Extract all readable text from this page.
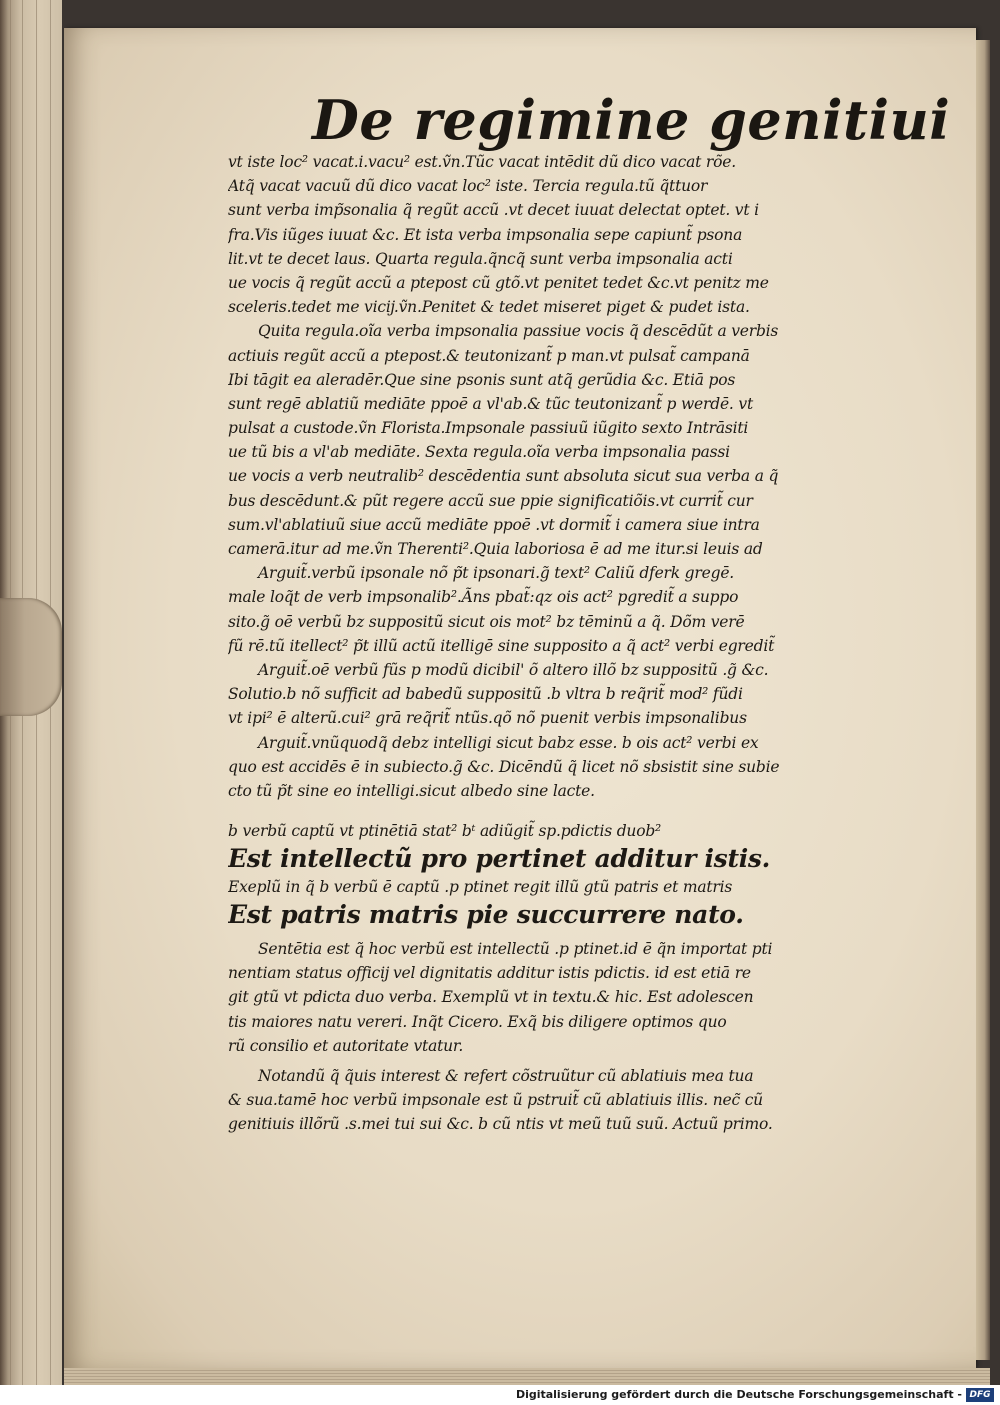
De regimine genitiui
vt iste loc² vacat.i.vacu² est.ṽn.Tũc vacat intēdit dũ dico vacat rõe.
Atq̃ vacat vacuũ dũ dico vacat loc² iste. Tercia regula.tũ q̃ttuor
sunt verba imp̃sonalia q̃ regũt accũ .vt decet iuuat delectat optet. vt i
fra.Vis iũges iuuat &c. Et ista verba impsonalia sepe capiunt̃ psona
lit.vt te decet laus. Quarta regula.q̃ncq̃ sunt verba impsonalia acti
ue vocis q̃ regũt accũ a ptepost cũ gtõ.vt penitet tedet &c.vt penitz me
sceleris.tedet me vicĳ.ṽn.Penitet & tedet miseret piget & pudet ista.
Quita regula.oĩa verba impsonalia passiue vocis q̃ descēdũt a verbis
actiuis regũt accũ a ptepost.& teutonizant̃ p man.vt pulsat̃ campanā
Ibi tāgit ea aleradēr.Que sine psonis sunt atq̃ gerũdia &c. Etiā pos
sunt regē ablatiũ mediāte ppoē a vl'ab.& tũc teutonizant̃ p werdē. vt
pulsat a custode.ṽn Florista.Impsonale passiuũ iũgito sexto Intrāsiti
ue tũ bis a vl'ab mediāte. Sexta regula.oĩa verba impsonalia passi
ue vocis a verb neutralib² descēdentia sunt absoluta sicut sua verba a q̃
bus descēdunt.& pũt regere accũ sue ppie significatiõis.vt currit̃ cur
sum.vl'ablatiuũ siue accũ mediāte ppoē .vt dormit̃ i camera siue intra
camerā.itur ad me.ṽn Therenti².Quia laboriosa ē ad me itur.si leuis ad
Arguit̃.verbũ ipsonale nõ p̃t ipsonari.g̃ text² Caliũ dferk gregē.
male loq̃t de verb impsonalib².Ãns pbat̃:qz ois act² pgredit̃ a suppo
sito.g̃ oē verbũ bz suppositũ sicut ois mot² bz tēminũ a q̃. Dõm verē
fũ rē.tũ itellect² p̃t illũ actũ itelligē sine supposito a q̃ act² verbi egredit̃
Arguit̃.oē verbũ fũs p modũ dicibil' õ altero illõ bz suppositũ .g̃ &c.
Solutio.b nõ sufficit ad babedũ suppositũ .b vltra b req̃rit̃ mod² fũdi
vt ipi² ē alterũ.cui² grā req̃rit̃ ntũs.qõ nõ puenit verbis impsonalibus
Arguit̃.vnũquodq̃ debz intelligi sicut babz esse. b ois act² verbi ex
quo est accidēs ē in subiecto.g̃ &c. Dicēndũ q̃ licet nõ sbsistit sine subie
cto tũ p̃t sine eo intelligi.sicut albedo sine lacte.
b verbũ captũ vt ptinētiā stat² bᵗ adiũgit̃ sp.pdictis duob²
Est intellectũ pro pertinet additur istis.
Exeplũ in q̃ b verbũ ē captũ .p ptinet regit illũ gtũ patris et matris
Est patris matris pie succurrere nato.
Sentētia est q̃ hoc verbũ est intellectũ .p ptinet.id ē q̃n importat pti
nentiam status officĳ vel dignitatis additur istis pdictis. id est etiā re
git gtũ vt pdicta duo verba. Exemplũ vt in textu.& hic. Est adolescen
tis maiores natu vereri. Inq̃t Cicero. Exq̃ bis diligere optimos quo
rũ consilio et autoritate vtatur.
Notandũ q̃ q̃uis interest & refert cõstruũtur cũ ablatiuis mea tua
& sua.tamē hoc verbũ impsonale est ũ pstruit̃ cũ ablatiuis illis. nec̃ cũ
genitiuis illõrũ .s.mei tui sui &c. b cũ ntis vt meũ tuũ suũ. Actuũ primo.
Digitalisierung gefördert durch die Deutsche Forschungsgemeinschaft - DFG
